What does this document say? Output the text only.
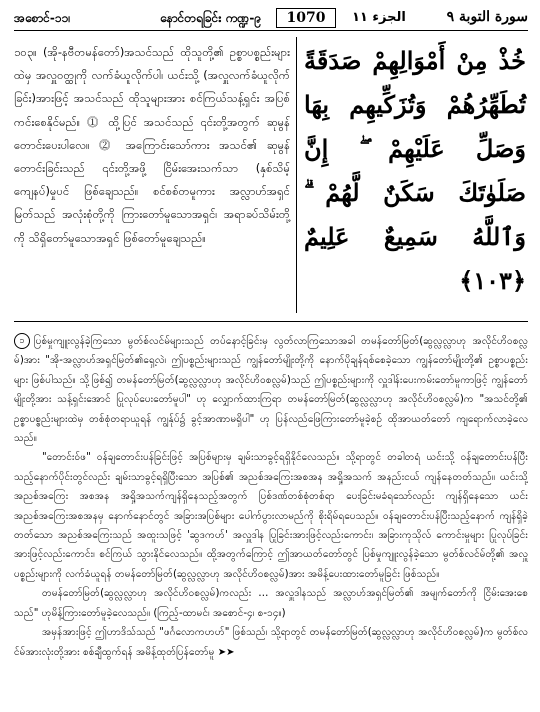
အစောင်-၁၁၊	နောင်တရခြင်း ကဏ္ဍ-၉	1070	الجزء ١١	سورة التوبة ٩

၁၀၃။ (အို-နဗီတမန်တော်)အသင်သည် ထိုသူတို့၏ ဥစ္စာပစ္စည်းများထဲမှ အလှူဝတ္ထုကို လက်ခံယူလိုက်ပါ၊ ယင်းသို့ (အလှူလက်ခံယူလိုက်ခြင်း)အားဖြင့် အသင်သည် ထိုသူများအား စင်ကြယ်သန့်ရှင်း အပြစ်ကင်းစေနိုင်မည်။ ⓵ ထို့ပြင် အသင်သည် ၎င်းတို့အတွက် ဆုမွန်တောင်းပေးပါလေ။ ⓶ အကြောင်းသော်ကား အသင်၏ ဆုမွန်တောင်းခြင်းသည် ၎င်းတို့အဖို့ ငြိမ်းအေးသက်သာ (နှစ်သိမ့် ကျေနပ်)မှုပင် ဖြစ်ချေသည်။ စင်စစ်တမူကား အလ္လာဟ်အရှင်မြတ်သည် အလုံးစုံတို့ကို ကြားတော်မူသောအရှင်၊ အရာခပ်သိမ်းတို့ကို သိရှိတော်မူသောအရှင် ဖြစ်တော်မူချေသည်။

خُذْ مِنْ أَمْوَالِهِمْ صَدَقَةً تُطَهِّرُهُمْ وَتُزَكِّيهِم بِهَا وَصَلِّ عَلَيْهِمْ ۖ إِنَّ صَلَوٰتَكَ سَكَنٌ لَّهُمْ ۗ وَٱللَّهُ سَمِيعٌ عَلِيمٌ ﴿١٠٣﴾

၁ ပြစ်မှုကျူးလွန်ခဲ့ကြသော မွတ်စ်လင်မ်များသည် တပ်နောင့်ခြင်းမှ လွတ်လာကြသောအခါ တမန်တော်မြတ်(ဆွလ္လလ္လာဟု အလိုင်ဟိဝစလ္လမ်)အား "အို-အလ္လာဟ်အရှင်မြတ်၏ရှေ့လဲ၊ ဤပစ္စည်းများသည် ကျွန်တော်မျိုးတို့ကို နောက်ပိုချန်ရစ်စေခဲ့သော ကျွန်တော်မျိုးတို့၏ ဥစ္စာပစ္စည်းများ ဖြစ်ပါသည်။ သို့ဖြစ်၍ တမန်တော်မြတ်(ဆွလ္လလ္လာဟု အလိုင်ဟိဝစလ္လမ်)သည် ဤပစ္စည်းများကို လှူဒါန်းပေးကမ်းတော်မူကာဖြင့် ကျွန်တော်မျိုးတို့အား သန့်ရှင်းအောင် ပြုလုပ်ပေးတော်မူပါ" ဟု လျှောက်ထားကြရာ တမန်တော်မြတ်(ဆွလ္လလ္လာဟု အလိုင်ဟိဝစလ္လမ်)က "အသင်တို့၏ ဥစ္စာပစ္စည်းများထဲမှ တစ်စုံတရာယူရန် ကျွန်ုပ်၌ ခွင့်အာဏာမရှိပါ" ဟု ပြန်လည်ဖြေကြားတော်မူခဲ့စဉ် ထိုအာယတ်တော် ကျရောက်လာခဲ့လေသည်။

"တောင်းဝ်ဖ" ဝန်ချတောင်းပန်ခြင်းဖြင့် အပြစ်များမှ ချမ်းသာခွင့်ရရှိနိုင်လေသည်။ သို့ရာတွင် တခါတရံ ယင်းသို့ ဝန်ချတောင်းပန်ပြီးသည့်နောက်ပိုင်းတွင်လည်း ချမ်းသာခွင့်ရရှိပြီးသော အပြစ်၏ အညစ်အကြေးအစအန အရှိ့အသက် အနည်းငယ် ကျန်နေတတ်သည်။ ယင်းသို့ အညစ်အကြေး အစအန အရှိ့အသက်ကျန်ရှိနေသည့်အတွက် ပြစ်ဒဏ်တစ်စုံတစ်ရာ ပေးခြင်းမခံရသော်လည်း ကျန်ရှိနေသော ယင်းအညစ်အကြေးအစအနမှ နောက်နောင်တွင် အခြားအပြစ်များ ပေါက်ပွားလာမည်ကို စိုးရိမ်ရပေသည်။ ဝန်ချတောင်းပန်ပြီးသည့်နောက် ကျန်ရှိခဲ့တတ်သော အညစ်အကြေးသည် အထူးသဖြင့် 'ဆွဒကဟ်' အလှူဒါန ပြုခြင်းအားဖြင့်လည်းကောင်း၊ အခြားကုသိုလ် ကောင်းမှုများ ပြုလုပ်ခြင်းအားဖြင့်လည်းကောင်း၊ စင်ကြယ် သွားနိုင်လေသည်။ ထို့အတွက်ကြောင့် ဤအာယတ်တော်တွင် ပြစ်မှုကျူးလွန်ခဲ့သော မွတ်စ်လင်မ်တို့၏ အလှူပစ္စည်းများကို လက်ခံယူရန် တမန်တော်မြတ်(ဆွလ္လလ္လာဟု အလိုင်ဟိဝစလ္လမ်)အား အမိန့်ပေးထားတော်မူခြင်း ဖြစ်သည်။

တမန်တော်မြတ်(ဆွလ္လလ္လာဟု အလိုင်ဟိဝစလ္လမ်)ကလည်း … အလှူဒါနသည် အလ္လာဟ်အရှင်မြတ်၏ အမျက်တော်ကို ငြိမ်းအေးစေသည်" ဟုမိန့်ကြားတော်မူခဲ့လေသည်။ (ကြည့်-ထာမင်၊ အစောင်-၄၊ စ-၁၄။)

အမှန်အားဖြင့် ဤဟာဒိသ်သည် "ဖင်္ဂလောကဟဟ်" ဖြစ်သည်၊ သို့ရာတွင် တမန်တော်မြတ်(ဆွလ္လလ္လာဟု အလိုင်ဟိဝစလ္လမ်)က မွတ်စ်လင်မ်အားလုံးတို့အား စစ်ချီထွက်ရန် အမိန့်ထုတ်ပြန်တော်မူ ➤➤
